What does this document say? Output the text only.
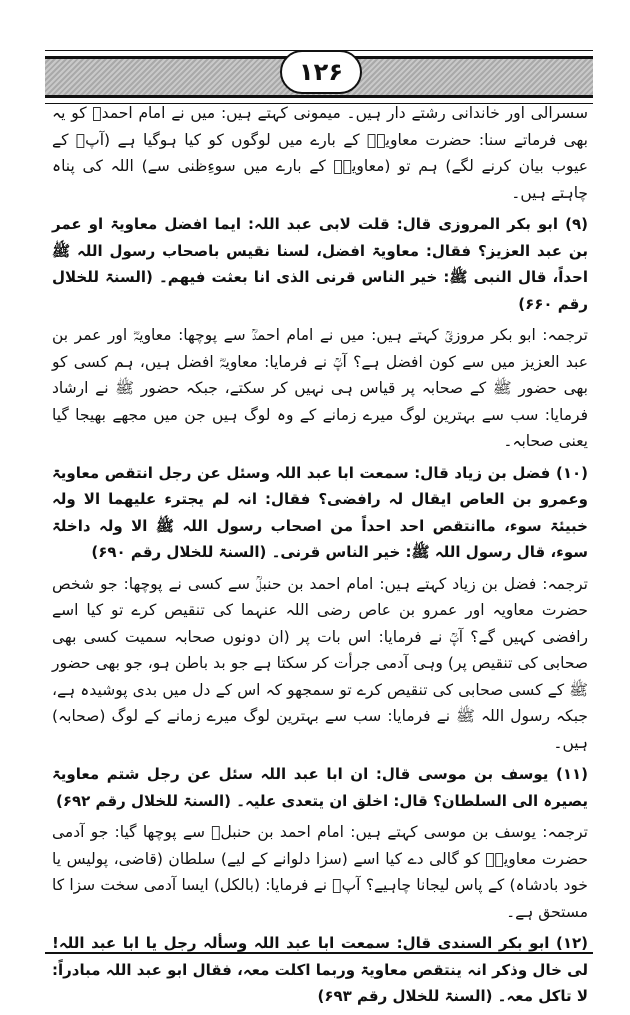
۱۲۶

سسرالی اور خاندانی رشتے دار ہیں۔ میمونی کہتے ہیں: میں نے امام احمدؒ کو یہ بھی فرماتے سنا: حضرت معاویہؓ کے بارے میں لوگوں کو کیا ہوگیا ہے (آپؓ کے عیوب بیان کرنے لگے) ہم تو (معاویہؓ کے بارے میں سوءِظنی سے) اللہ کی پناہ چاہتے ہیں۔

(۹) ابو بکر المروزی قال: قلت لابی عبد اللہ: ایما افضل معاویۃ او عمر بن عبد العزیز؟ فقال: معاویۃ افضل، لسنا نقیس باصحاب رسول اللہ ﷺ احداً، قال النبی ﷺ: خیر الناس قرنی الذی انا بعثت فیھم۔ (السنۃ للخلال رقم ۶۶۰)

ترجمہ: ابو بکر مروزیؒ کہتے ہیں: میں نے امام احمدؒ سے پوچھا: معاویہؓ اور عمر بن عبد العزیز میں سے کون افضل ہے؟ آپؒ نے فرمایا: معاویہؓ افضل ہیں، ہم کسی کو بھی حضور ﷺ کے صحابہ پر قیاس ہی نہیں کر سکتے، جبکہ حضور ﷺ نے ارشاد فرمایا: سب سے بہترین لوگ میرے زمانے کے وہ لوگ ہیں جن میں مجھے بھیجا گیا یعنی صحابہ۔

(۱۰) فضل بن زیاد قال: سمعت ابا عبد اللہ وسئل عن رجل انتقص معاویۃ وعمرو بن العاص ایقال لہ رافضی؟ فقال: انہ لم یجترء علیھما الا ولہ خبیئۃ سوء، ماانتقص احد احداً من اصحاب رسول اللہ ﷺ الا ولہ داخلۃ سوء، قال رسول اللہ ﷺ: خیر الناس قرنی۔ (السنۃ للخلال رقم ۶۹۰)

ترجمہ: فضل بن زیاد کہتے ہیں: امام احمد بن حنبلؒ سے کسی نے پوچھا: جو شخص حضرت معاویہ اور عمرو بن عاص رضی اللہ عنہما کی تنقیص کرے تو کیا اسے رافضی کہیں گے؟ آپؒ نے فرمایا: اس بات پر (ان دونوں صحابہ سمیت کسی بھی صحابی کی تنقیص پر) وہی آدمی جرأت کر سکتا ہے جو بد باطن ہو، جو بھی حضور ﷺ کے کسی صحابی کی تنقیص کرے تو سمجھو کہ اس کے دل میں بدی پوشیدہ ہے، جبکہ رسول اللہ ﷺ نے فرمایا: سب سے بہترین لوگ میرے زمانے کے لوگ (صحابہ) ہیں۔

(۱۱) یوسف بن موسی قال: ان ابا عبد اللہ سئل عن رجل شتم معاویۃ یصیرہ الی السلطان؟ قال: اخلق ان یتعدی علیہ۔ (السنۃ للخلال رقم ۶۹۲)

ترجمہ: یوسف بن موسی کہتے ہیں: امام احمد بن حنبلؒ سے پوچھا گیا: جو آدمی حضرت معاویہؓ کو گالی دے کیا اسے (سزا دلوانے کے لیے) سلطان (قاضی، پولیس یا خود بادشاہ) کے پاس لیجانا چاہیے؟ آپؒ نے فرمایا: (بالکل) ایسا آدمی سخت سزا کا مستحق ہے۔

(۱۲) ابو بکر السندی قال: سمعت ابا عبد اللہ وسألہ رجل یا ابا عبد اللہ! لی خال وذکر انہ ینتقص معاویۃ وربما اکلت معہ، فقال ابو عبد اللہ مبادراً: لا تاکل معہ۔ (السنۃ للخلال رقم ۶۹۳)
